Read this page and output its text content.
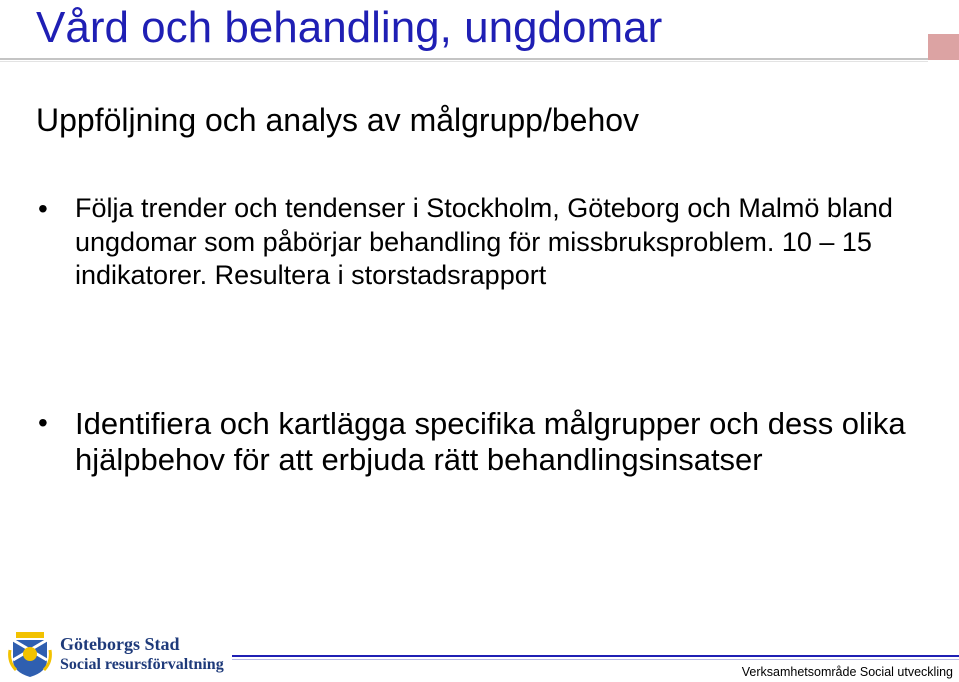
Vård och behandling, ungdomar
Uppföljning och analys av målgrupp/behov
•	Följa trender och tendenser i Stockholm, Göteborg och Malmö bland ungdomar som påbörjar behandling för missbruksproblem. 10 – 15 indikatorer. Resultera i storstadsrapport
• Identifiera och kartlägga specifika målgrupper och dess olika hjälpbehov för att erbjuda rätt behandlingsinsatser
Göteborgs Stad
Social resursförvaltning	Verksamhetsområde Social utveckling
